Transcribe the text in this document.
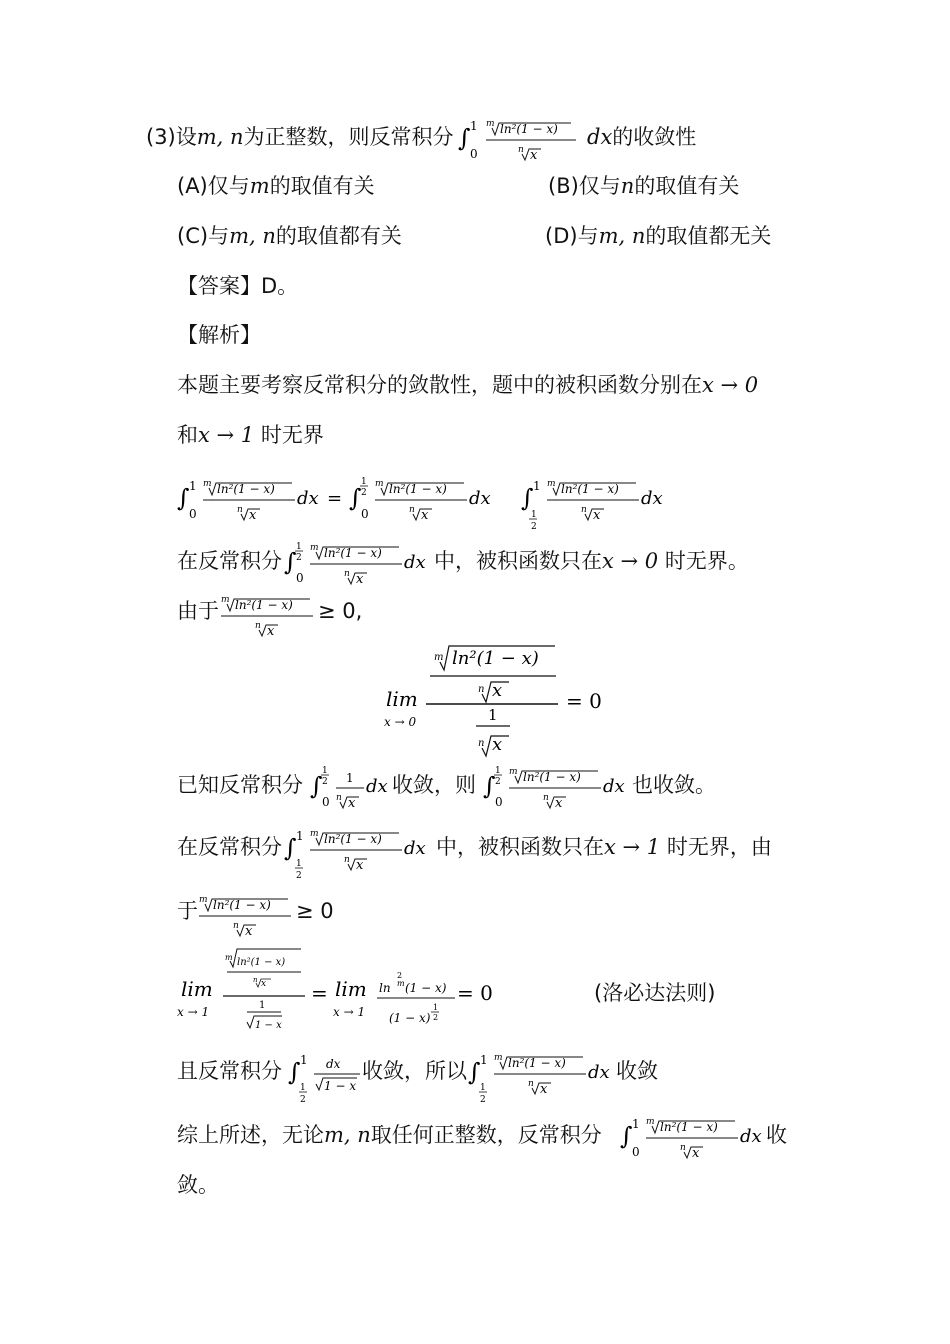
(3)设m, n为正整数，则反常积分 ∫ 1
0
m ln²(1 − x)
n x
dx的收敛性
(A)仅与m的取值有关	(B)仅与n的取值有关
(C)与m, n的取值都有关	(D)与m, n的取值都无关
【答案】D。
【解析】
本题主要考察反常积分的敛散性，题中的被积函数分别在x → 0
和x → 1 时无界
∫ 1
0
m ln²(1 − x)
n x
dx = ∫
1
2
0
m ln²(1 − x)
n x
dx ∫ 1
1
2
m ln²(1 − x)
n x
dx
在反常积分 ∫
1
2
0
m ln²(1 − x)
n x
dx 中，被积函数只在x → 0 时无界。
由于 m ln²(1 − x)
n x
≥ 0,
lim
x → 0
m ln²(1 − x)
n x
1
n x
= 0
已知反常积分 ∫
1
2
0
1
n x
dx 收敛，则 ∫
1
2
0
m ln²(1 − x)
n x
dx 也收敛。
在反常积分 ∫ 1
1
2
m ln²(1 − x)
n x
dx 中，被积函数只在x → 1 时无界，由
于 m ln²(1 − x)
n x
≥ 0
lim
x → 1
m ln²(1 − x)
n x
1
1 − x
= lim
x → 1
2
m
ln (1 − x)
(1 − x)
1
2
= 0	(洛必达法则)
且反常积分 ∫ 1
1
2
dx
1 − x
收敛，所以 ∫ 1
1
2
m ln²(1 − x)
n x
dx 收敛
综上所述，无论m, n取任何正整数，反常积分 ∫ 1
0
m ln²(1 − x)
n x
dx 收
敛。
